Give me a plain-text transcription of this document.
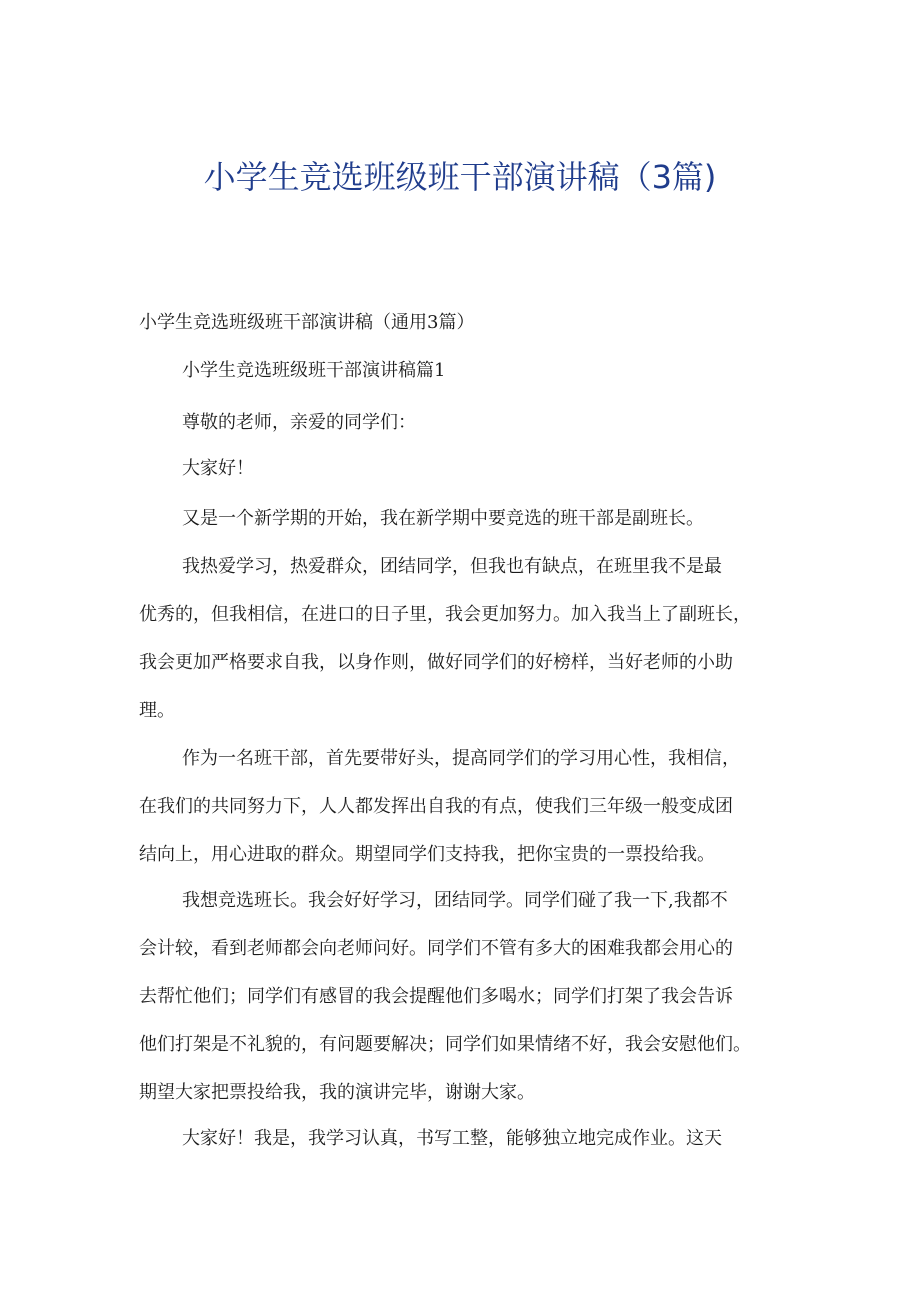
小学生竞选班级班干部演讲稿（3篇)

小学生竞选班级班干部演讲稿（通用3篇）

小学生竞选班级班干部演讲稿篇1

尊敬的老师，亲爱的同学们：

大家好！

又是一个新学期的开始，我在新学期中要竞选的班干部是副班长。
我热爱学习，热爱群众，团结同学，但我也有缺点，在班里我不是最
优秀的，但我相信，在进口的日子里，我会更加努力。加入我当上了副班长，
我会更加严格要求自我，以身作则，做好同学们的好榜样，当好老师的小助
理。
作为一名班干部，首先要带好头，提高同学们的学习用心性，我相信，
在我们的共同努力下，人人都发挥出自我的有点，使我们三年级一般变成团
结向上，用心进取的群众。期望同学们支持我，把你宝贵的一票投给我。
我想竞选班长。我会好好学习，团结同学。同学们碰了我一下,我都不
会计较，看到老师都会向老师问好。同学们不管有多大的困难我都会用心的
去帮忙他们；同学们有感冒的我会提醒他们多喝水；同学们打架了我会告诉
他们打架是不礼貌的，有问题要解决；同学们如果情绪不好，我会安慰他们。
期望大家把票投给我，我的演讲完毕，谢谢大家。
大家好！我是，我学习认真，书写工整，能够独立地完成作业。这天
